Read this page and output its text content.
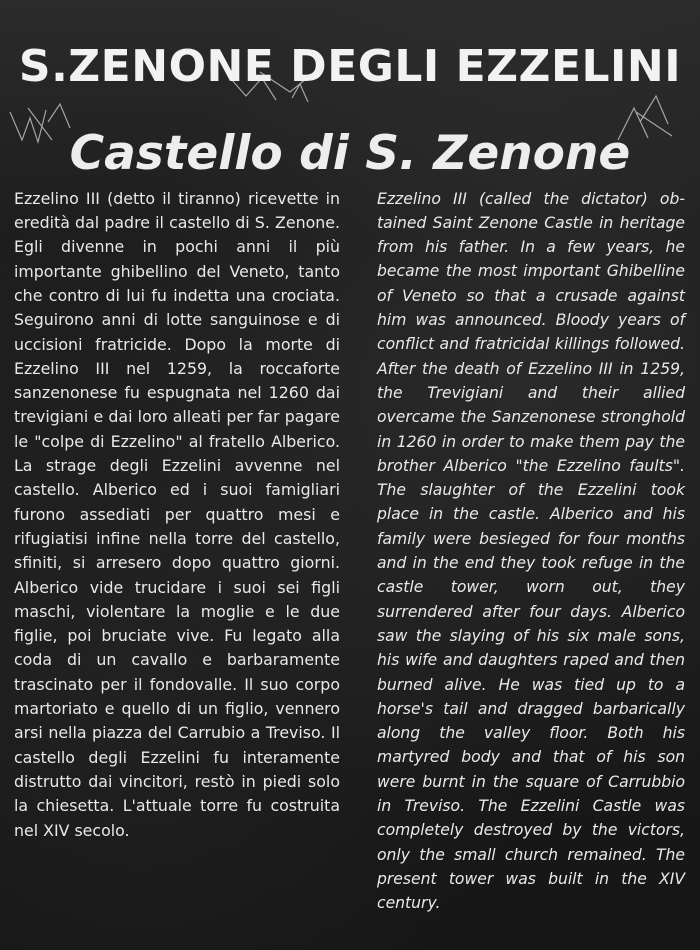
S.ZENONE DEGLI EZZELINI
Castello di S. Zenone

Ezzelino III (detto il tiranno) ricevette in eredità dal padre il castello di S. Zenone. Egli divenne in pochi anni il più importante ghibellino del Veneto, tanto che contro di lui fu indetta una crociata. Seguirono anni di lotte sanguinose e di uccisioni fratricide. Dopo la morte di Ezzelino III nel 1259, la roccaforte sanzenonese fu espugnata nel 1260 dai trevigiani e dai loro alleati per far pagare le "colpe di Ezzelino" al fratello Alberico. La strage degli Ezzelini avvenne nel castello. Alberico ed i suoi famigliari furono assediati per quattro mesi e rifugiatisi infine nella torre del castello, sfiniti, si arresero dopo quattro giorni. Alberico vide trucidare i suoi sei figli maschi, violentare la moglie e le due figlie, poi bruciate vive. Fu legato alla coda di un cavallo e barbaramente trascinato per il fondovalle. Il suo corpo martoriato e quello di un figlio, vennero arsi nella piazza del Carrubio a Treviso. Il castello degli Ezzelini fu interamente distrutto dai vincitori, restò in piedi solo la chiesetta. L'attuale torre fu costruita nel XIV secolo.

Ezzelino III (called the dictator) obtained Saint Zenone Castle in heritage from his father. In a few years, he became the most important Ghibelline of Veneto so that a crusade against him was announced. Bloody years of conflict and fratricidal killings followed. After the death of Ezzelino III in 1259, the Trevigiani and their allied overcame the Sanzenonese stronghold in 1260 in order to make them pay the brother Alberico "the Ezzelino faults". The slaughter of the Ezzelini took place in the castle. Alberico and his family were besieged for four months and in the end they took refuge in the castle tower, worn out, they surrendered after four days. Alberico saw the slaying of his six male sons, his wife and daughters raped and then burned alive. He was tied up to a horse's tail and dragged barbarically along the valley floor. Both his martyred body and that of his son were burnt in the square of Carrubbio in Treviso. The Ezzelini Castle was completely destroyed by the victors, only the small church remained. The present tower was built in the XIV century.
